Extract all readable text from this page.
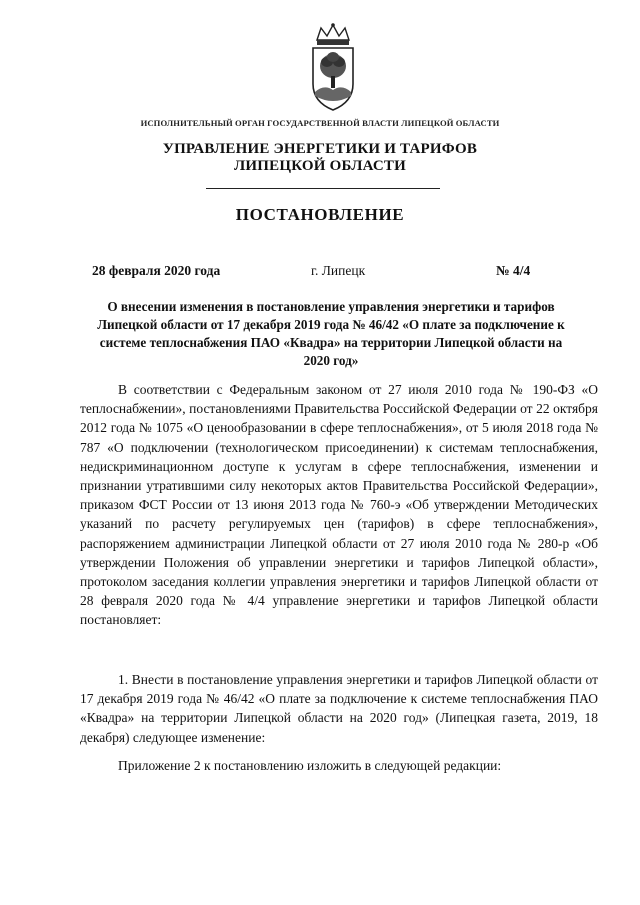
ИСПОЛНИТЕЛЬНЫЙ ОРГАН ГОСУДАРСТВЕННОЙ ВЛАСТИ ЛИПЕЦКОЙ ОБЛАСТИ
УПРАВЛЕНИЕ ЭНЕРГЕТИКИ И ТАРИФОВ
ЛИПЕЦКОЙ ОБЛАСТИ
ПОСТАНОВЛЕНИЕ
28 февраля 2020 года	г. Липецк	№ 4/4
О внесении изменения в постановление управления энергетики и тарифов Липецкой области от 17 декабря 2019 года № 46/42 «О плате за подключение к системе теплоснабжения ПАО «Квадра» на территории Липецкой области на 2020 год»

В соответствии с Федеральным законом от 27 июля 2010 года № 190-ФЗ «О теплоснабжении», постановлениями Правительства Российской Федерации от 22 октября 2012 года № 1075 «О ценообразовании в сфере теплоснабжения», от 5 июля 2018 года № 787 «О подключении (технологическом присоединении) к системам теплоснабжения, недискриминационном доступе к услугам в сфере теплоснабжения, изменении и признании утратившими силу некоторых актов Правительства Российской Федерации», приказом ФСТ России от 13 июня 2013 года № 760-э «Об утверждении Методических указаний по расчету регулируемых цен (тарифов) в сфере теплоснабжения», распоряжением администрации Липецкой области от 27 июля 2010 года № 280-р «Об утверждении Положения об управлении энергетики и тарифов Липецкой области», протоколом заседания коллегии управления энергетики и тарифов Липецкой области от 28 февраля 2020 года № 4/4 управление энергетики и тарифов Липецкой области постановляет:

1. Внести в постановление управления энергетики и тарифов Липецкой области от 17 декабря 2019 года № 46/42 «О плате за подключение к системе теплоснабжения ПАО «Квадра» на территории Липецкой области на 2020 год» (Липецкая газета, 2019, 18 декабря) следующее изменение:

Приложение 2 к постановлению изложить в следующей редакции:
